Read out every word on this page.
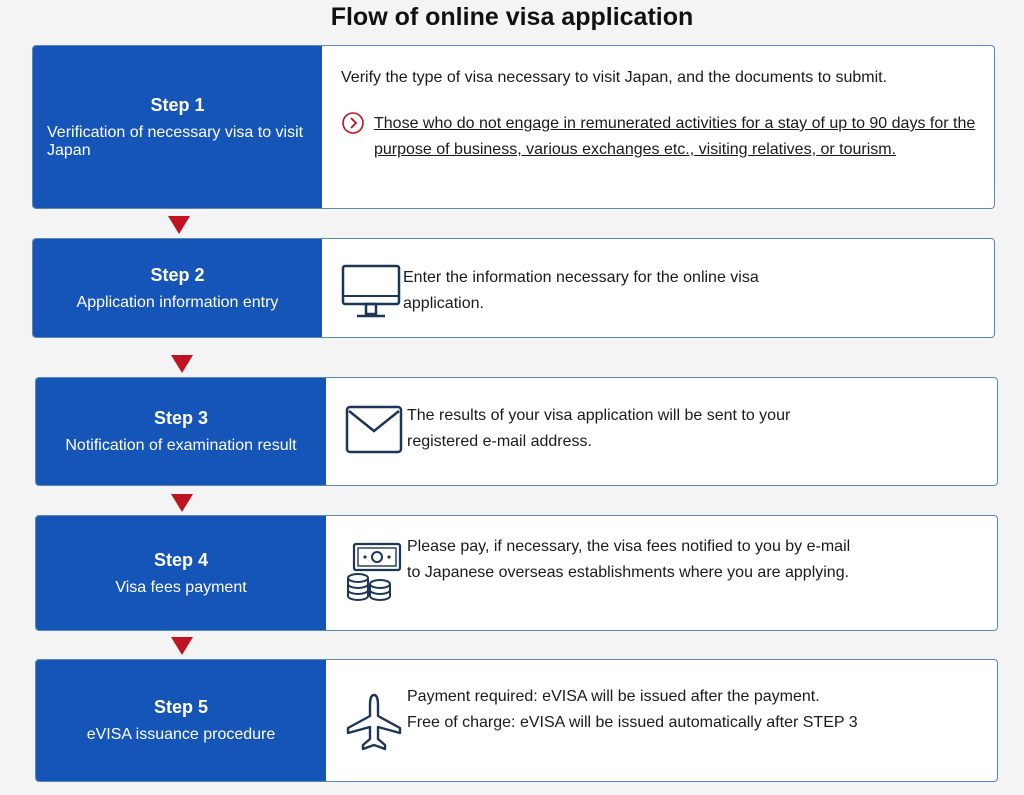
Flow of online visa application
Step 1
Verification of necessary visa to visit Japan
Verify the type of visa necessary to visit Japan, and the documents to submit.
Those who do not engage in remunerated activities for a stay of up to 90 days for the purpose of business, various exchanges etc., visiting relatives, or tourism.
Step 2
Application information entry
Enter the information necessary for the online visa application.
Step 3
Notification of examination result
The results of your visa application will be sent to your registered e-mail address.
Step 4
Visa fees payment
Please pay, if necessary, the visa fees notified to you by e-mail to Japanese overseas establishments where you are applying.
Step 5
eVISA issuance procedure
Payment required: eVISA will be issued after the payment.
Free of charge: eVISA will be issued automatically after STEP 3
